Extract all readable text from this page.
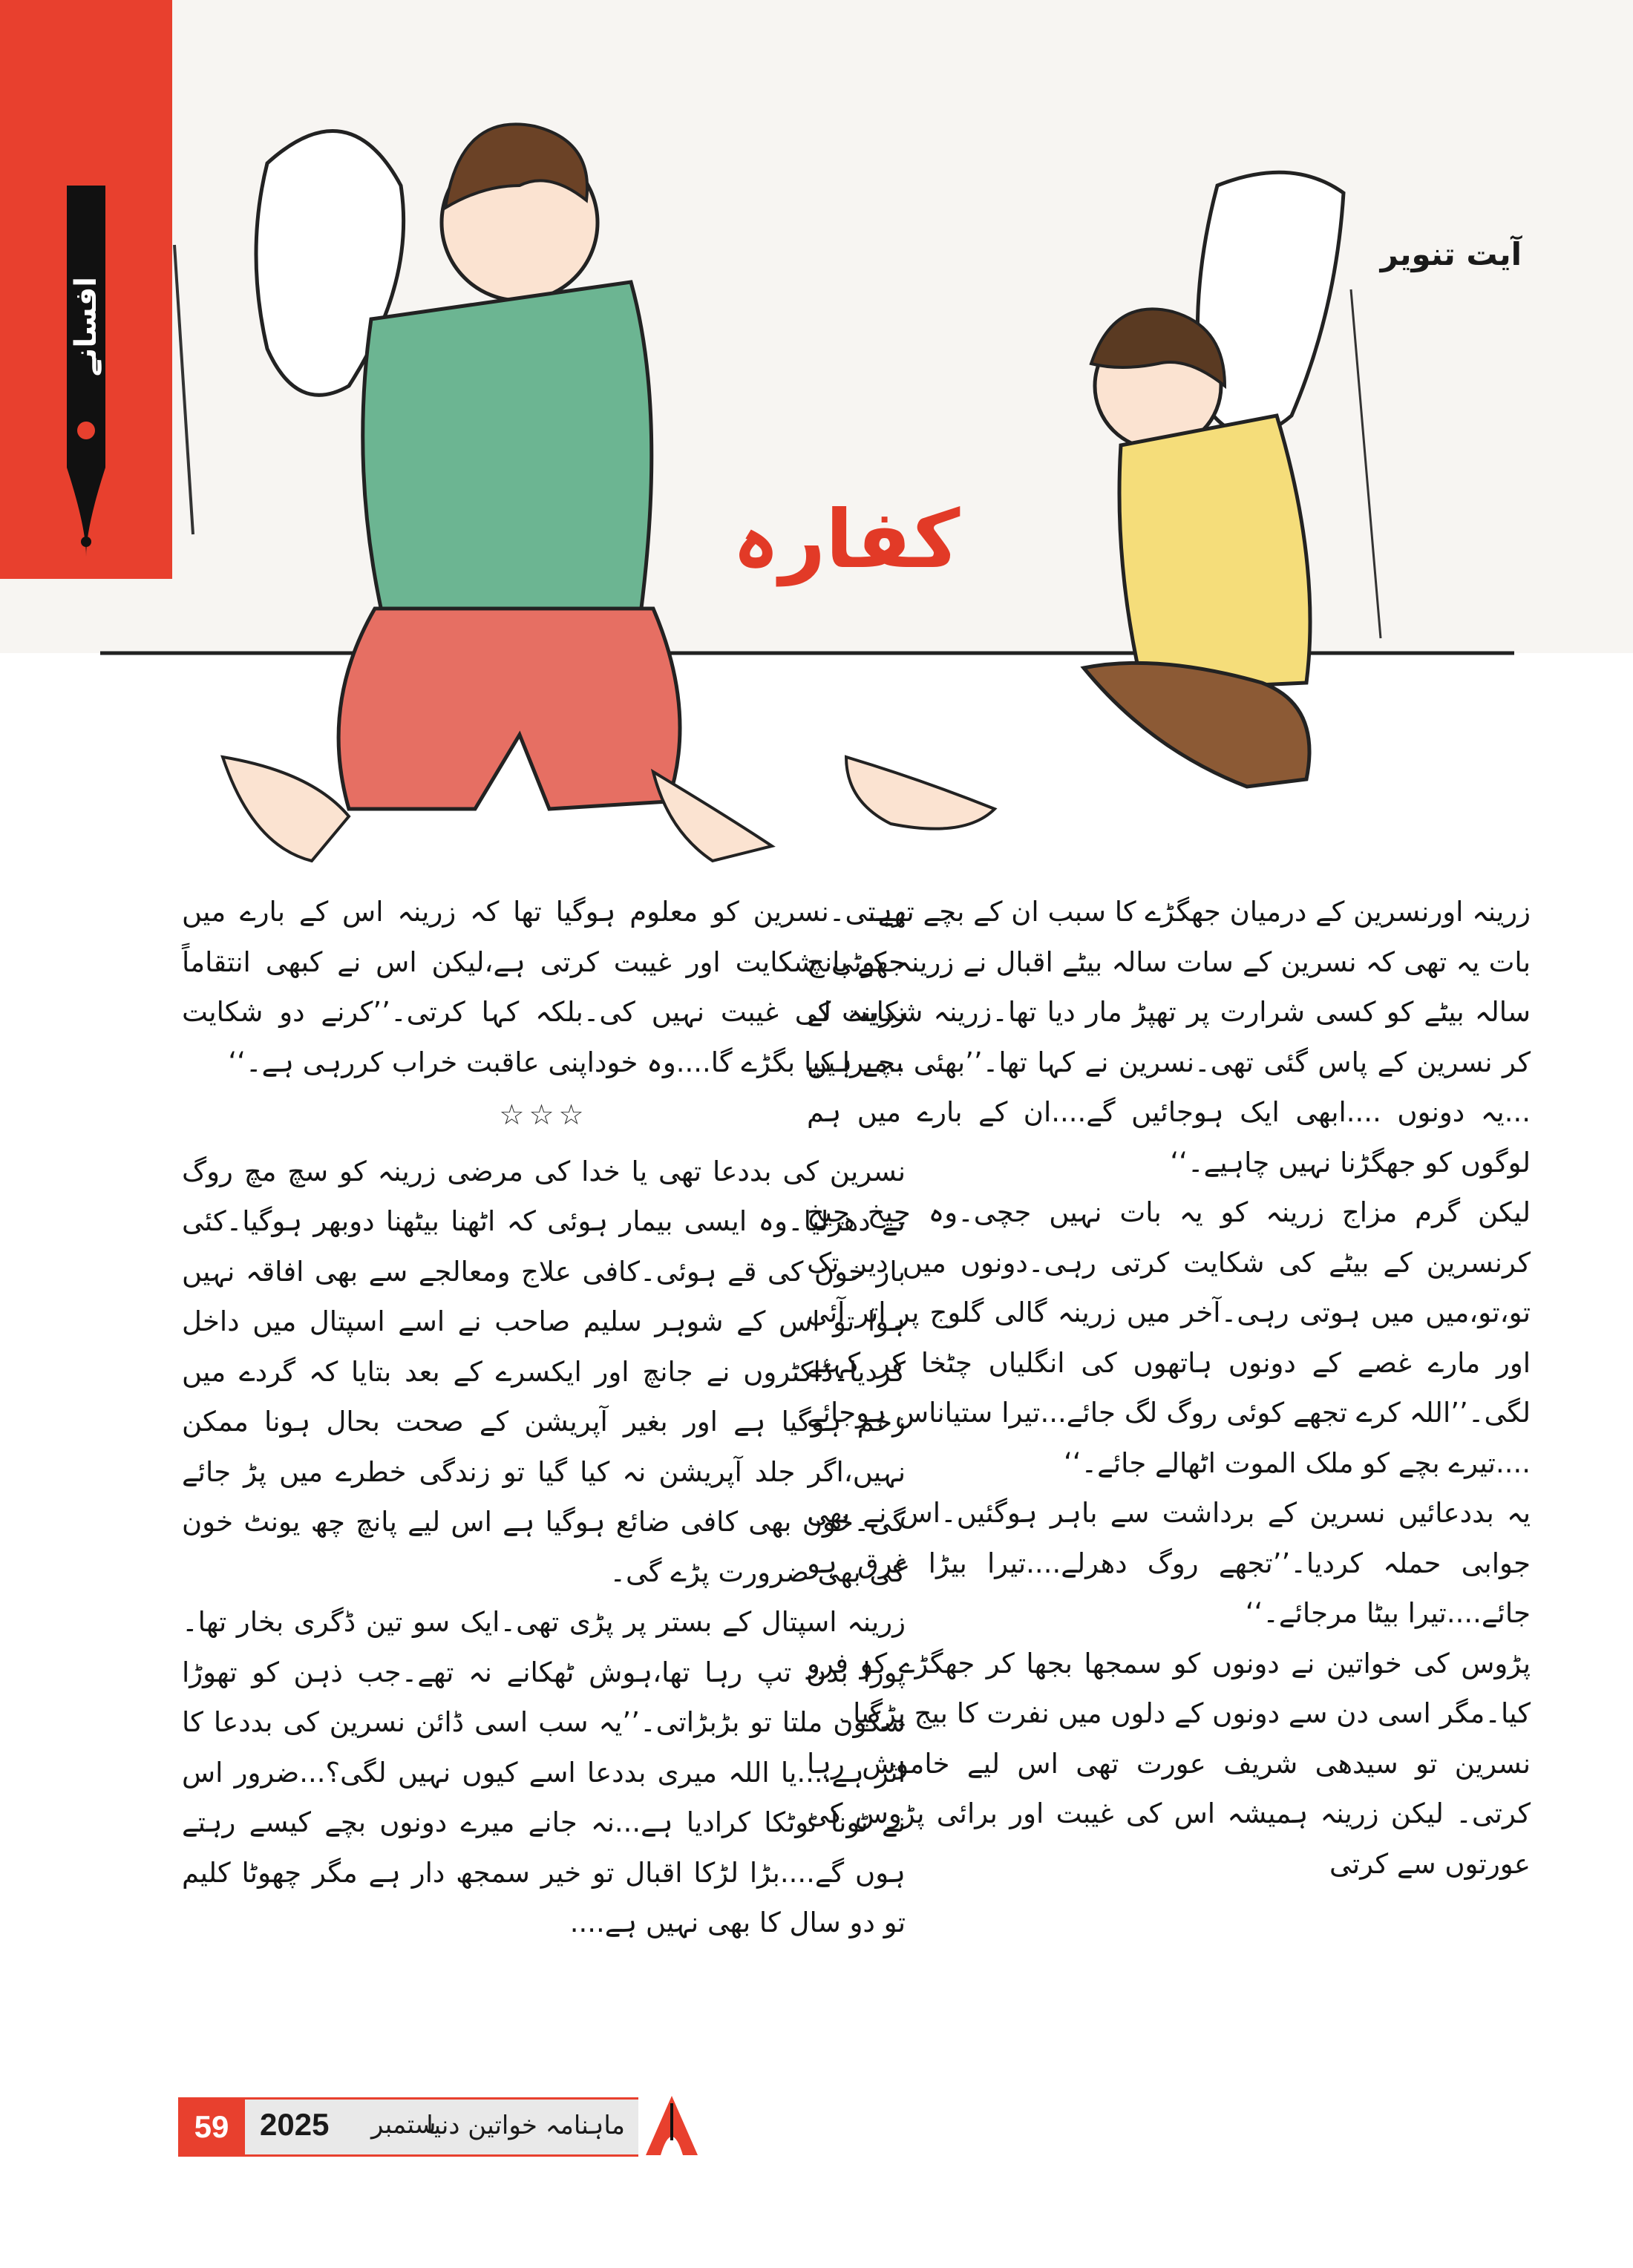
افسانے
آیت تنویر
کفارہ

زرینہ اورنسرین کے درمیان جھگڑے کا سبب ان کے بچے تھے۔

بات یہ تھی کہ نسرین کے سات سالہ بیٹے اقبال نے زرینہ کے پانچ سالہ بیٹے کو کسی شرارت پر تھپڑ مار دیا تھا۔زرینہ شکایت لے کر نسرین کے پاس گئی تھی۔نسرین نے کہا تھا۔’’بھئی بچے ہیں ...یہ دونوں ....ابھی ایک ہوجائیں گے....ان کے بارے میں ہم لوگوں کو جھگڑنا نہیں چاہیے۔‘‘

لیکن گرم مزاج زرینہ کو یہ بات نہیں جچی۔وہ چیخ چیخ کرنسرین کے بیٹے کی شکایت کرتی رہی۔دونوں میں دیر تک تو،تو،میں میں ہوتی رہی۔آخر میں زرینہ گالی گلوج پر اتر آئی اور مارے غصے کے دونوں ہاتھوں کی انگلیاں چٹخا کر کہنے لگی۔’’اللہ کرے تجھے کوئی روگ لگ جائے...تیرا ستیاناس ہوجائے ....تیرے بچے کو ملک الموت اٹھالے جائے۔‘‘

یہ بددعائیں نسرین کے برداشت سے باہر ہوگئیں۔اس نے بھی جوابی حملہ کردیا۔’’تجھے روگ دھرلے....تیرا بیڑا غرق ہو جائے....تیرا بیٹا مرجائے۔‘‘

پڑوس کی خواتین نے دونوں کو سمجھا بجھا کر جھگڑے کو فرو کیا۔مگر اسی دن سے دونوں کے دلوں میں نفرت کا بیج پڑگیا۔

نسرین تو سیدھی شریف عورت تھی اس لیے خاموش رہا کرتی۔ لیکن زرینہ ہمیشہ اس کی غیبت اور برائی پڑوس کی عورتوں سے کرتی

رہتی۔نسرین کو معلوم ہوگیا تھا کہ زرینہ اس کے بارے میں جھوٹی شکایت اور غیبت کرتی ہے،لیکن اس نے کبھی انتقاماً زرینہ کی غیبت نہیں کی۔بلکہ کہا کرتی۔’’کرنے دو شکایت ..میرا کیا بگڑے گا....وہ خوداپنی عاقبت خراب کررہی ہے۔‘‘

☆☆☆

نسرین کی بددعا تھی یا خدا کی مرضی زرینہ کو سچ مچ روگ نے دھرلیا۔وہ ایسی بیمار ہوئی کہ اٹھنا بیٹھنا دوبھر ہوگیا۔کئی بار خون کی قے ہوئی۔کافی علاج ومعالجے سے بھی افاقہ نہیں ہوا تو اس کے شوہر سلیم صاحب نے اسے اسپتال میں داخل کردیا۔ڈاکٹروں نے جانچ اور ایکسرے کے بعد بتایا کہ گردے میں زخم ہوگیا ہے اور بغیر آپریشن کے صحت بحال ہونا ممکن نہیں،اگر جلد آپریشن نہ کیا گیا تو زندگی خطرے میں پڑ جائے گی۔خون بھی کافی ضائع ہوگیا ہے اس لیے پانچ چھ یونٹ خون کی بھی ضرورت پڑے گی۔

زرینہ اسپتال کے بستر پر پڑی تھی۔ایک سو تین ڈگری بخار تھا۔پورا بدن تپ رہا تھا،ہوش ٹھکانے نہ تھے۔جب ذہن کو تھوڑا سکون ملتا تو بڑبڑاتی۔’’یہ سب اسی ڈائن نسرین کی بددعا کا اثر ہے....یا اللہ میری بددعا اسے کیوں نہیں لگی؟...ضرور اس نے ٹونا ٹوٹکا کرادیا ہے...نہ جانے میرے دونوں بچے کیسے رہتے ہوں گے....بڑا لڑکا اقبال تو خیر سمجھ دار ہے مگر چھوٹا کلیم تو دو سال کا بھی نہیں ہے....

59 2025 ستمبر
ماہنامہ خواتین دنیا
